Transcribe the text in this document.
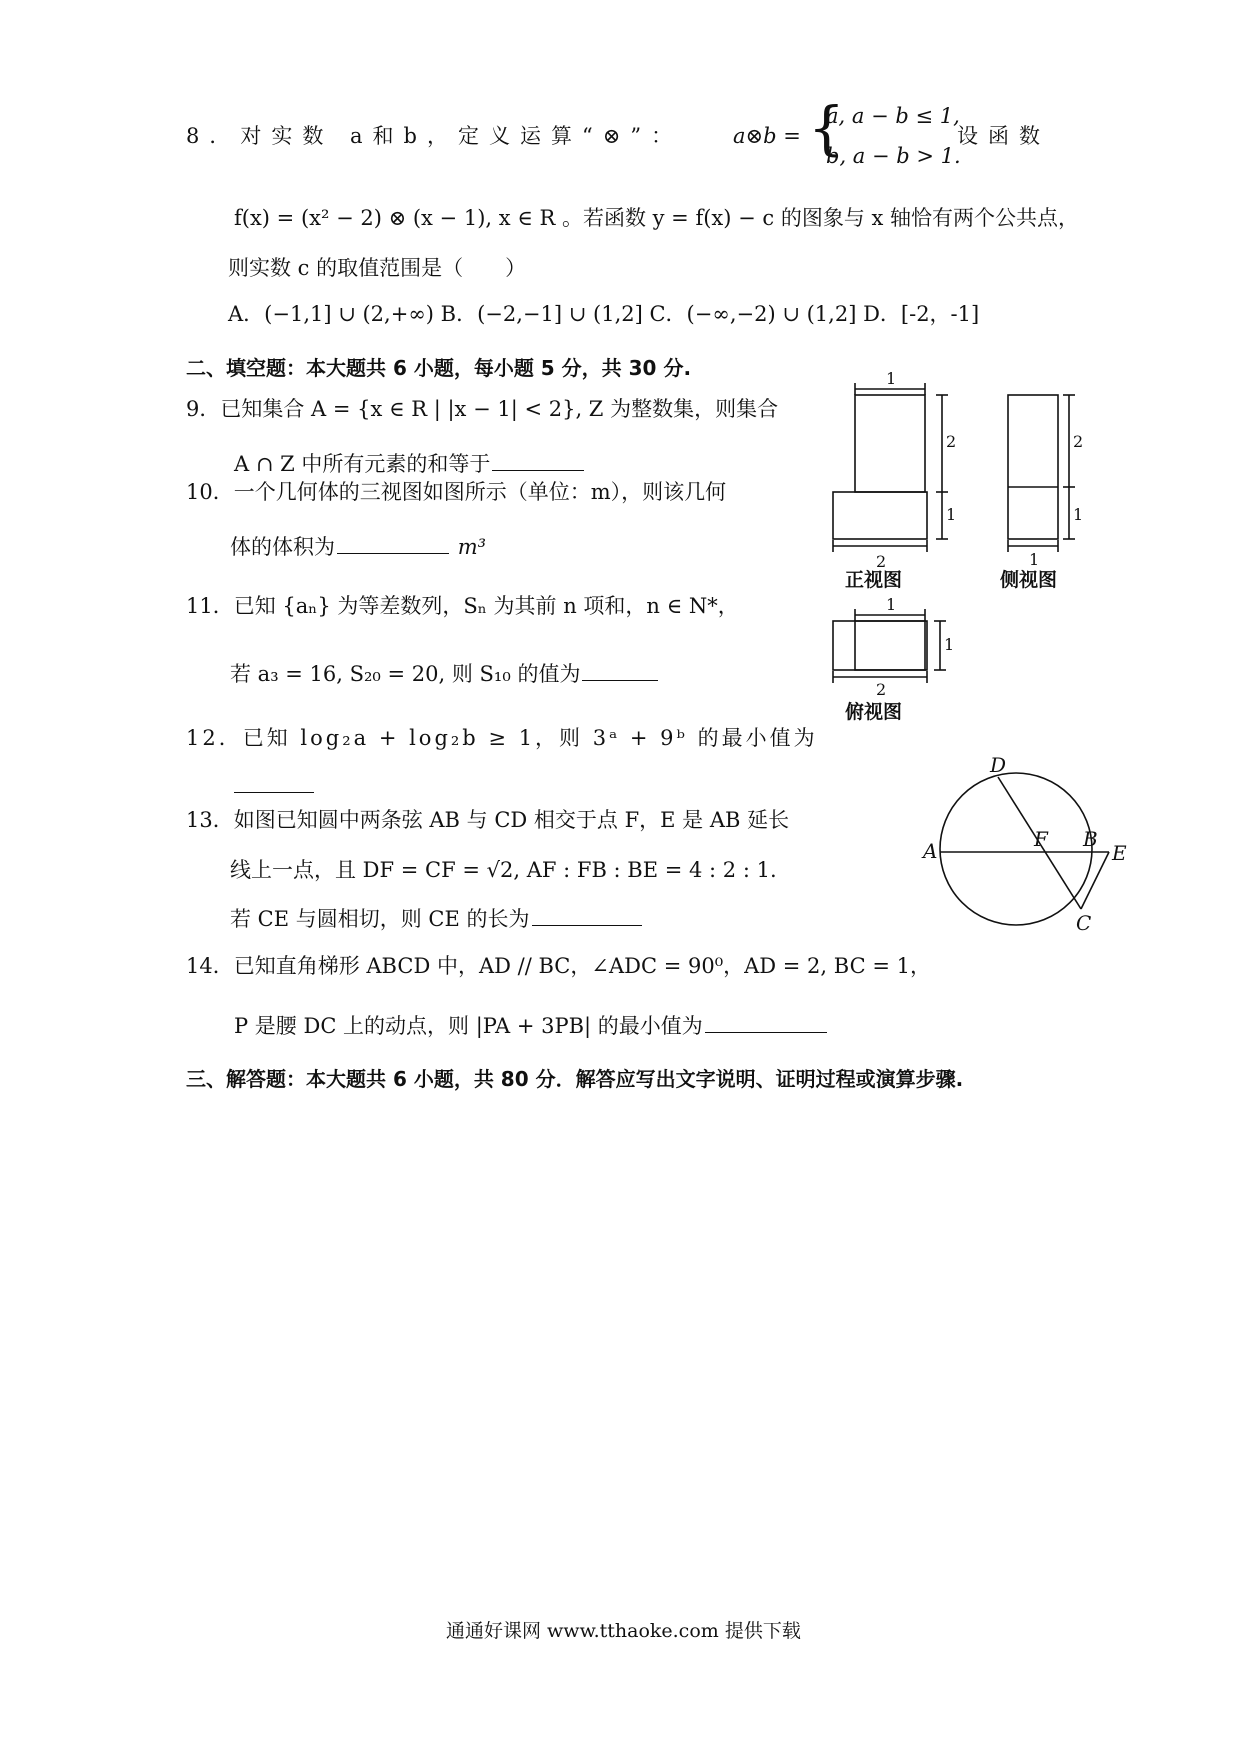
8．对实数 a和b，定义运算“⊗”： a⊗b = {
a, a − b ≤ 1,
b, a − b > 1.
设函数
f(x) = (x² − 2) ⊗ (x − 1), x ∈ R 。若函数 y = f(x) − c 的图象与 x 轴恰有两个公共点，
则实数 c 的取值范围是（　　）
A．(−1,1] ∪ (2,+∞) B．(−2,−1] ∪ (1,2] C．(−∞,−2) ∪ (1,2] D．[-2，-1]
二、填空题：本大题共 6 小题，每小题 5 分，共 30 分.
9．已知集合 A = {x ∈ R | |x − 1| < 2}, Z 为整数集，则集合
A ∩ Z 中所有元素的和等于
10．一个几何体的三视图如图所示（单位：m），则该几何
体的体积为	m³
11．已知 {aₙ} 为等差数列，Sₙ 为其前 n 项和，n ∈ N*，
若 a₃ = 16, S₂₀ = 20, 则 S₁₀ 的值为
12．已知 log₂a + log₂b ≥ 1，则 3ᵃ + 9ᵇ 的最小值为
13．如图已知圆中两条弦 AB 与 CD 相交于点 F，E 是 AB 延长
线上一点，且 DF = CF = √2, AF : FB : BE = 4 : 2 : 1.
若 CE 与圆相切，则 CE 的长为
14．已知直角梯形 ABCD 中，AD // BC，∠ADC = 90⁰，AD = 2, BC = 1，
P 是腰 DC 上的动点，则 |PA + 3PB| 的最小值为
三、解答题：本大题共 6 小题，共 80 分．解答应写出文字说明、证明过程或演算步骤.
1
2
1
2
2
1
1
1
1
2
正视图	侧视图
俯视图
D
A	F B
E
C
通通好课网 www.tthaoke.com 提供下载
